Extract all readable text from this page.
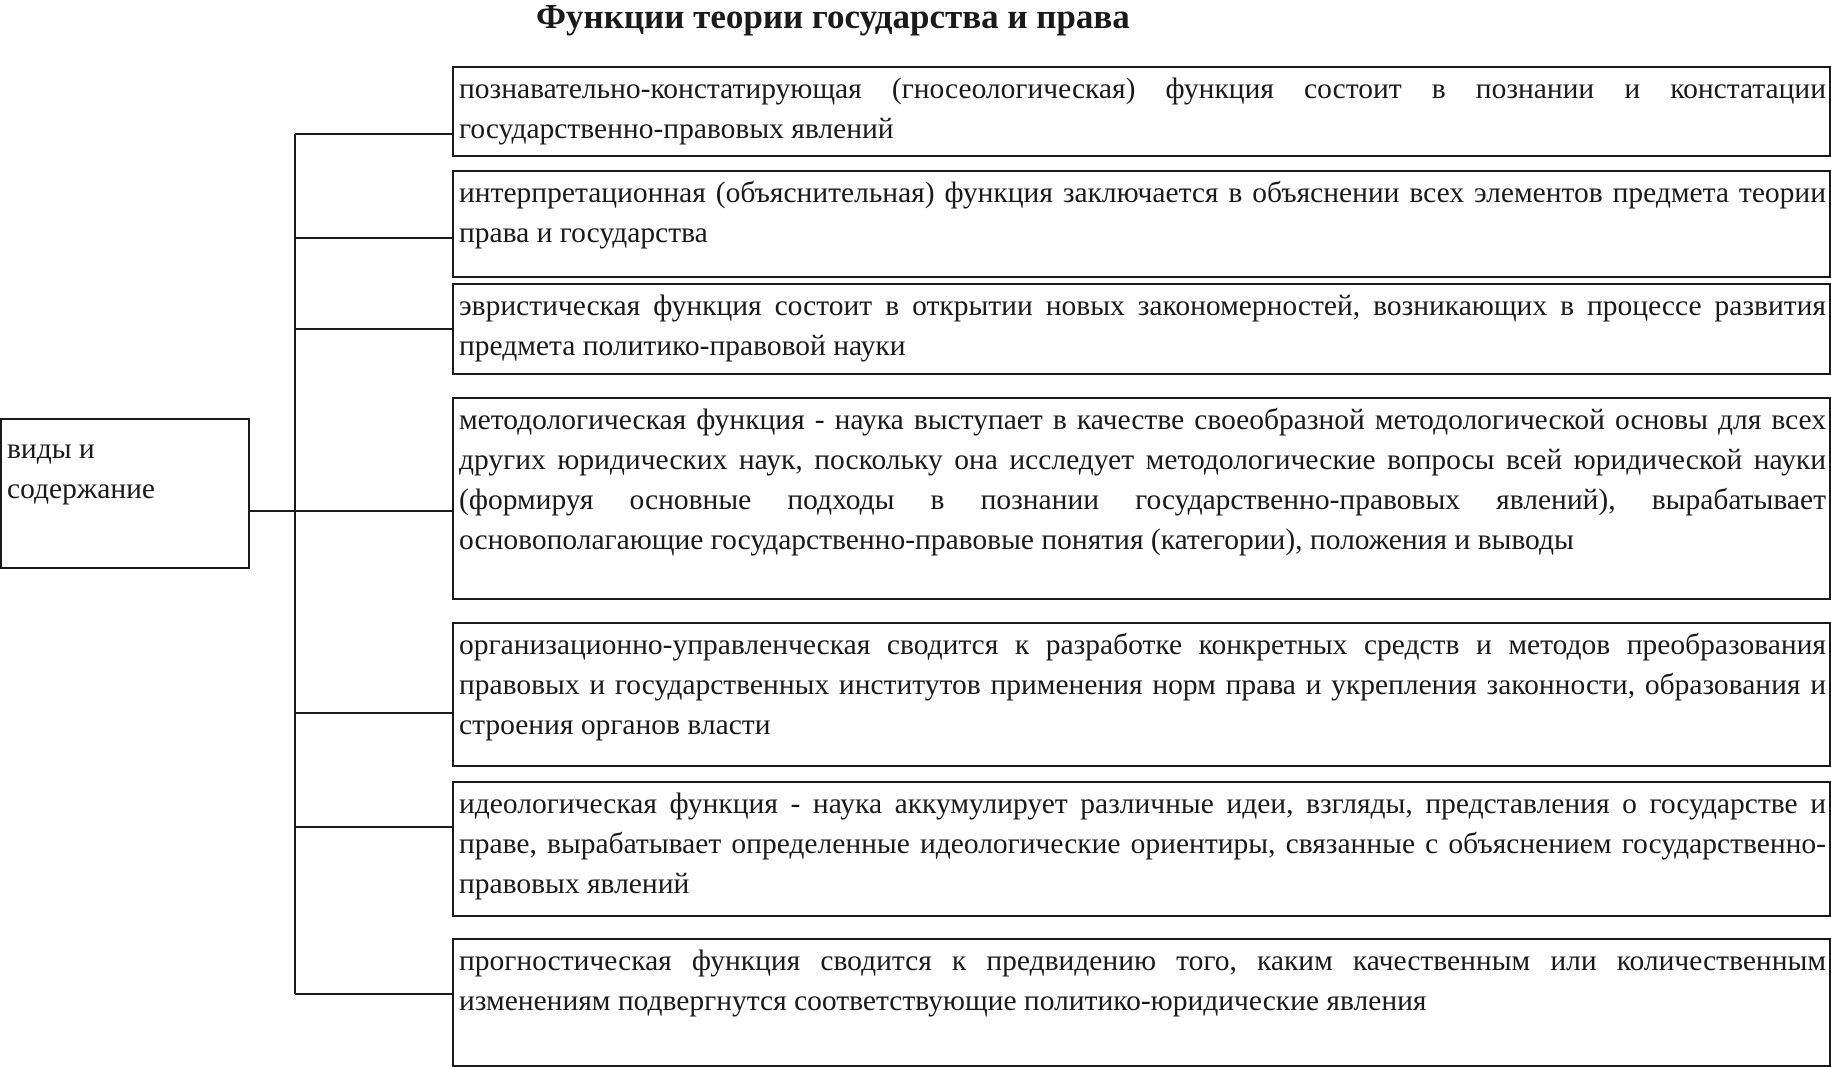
Функции теории государства и права
виды и содержание
познавательно-констатирующая (гносеологическая) функция состоит в познании и констатации государственно-правовых явлений
интерпретационная (объяснительная) функция заключается в объяснении всех элементов предмета теории права и государства
эвристическая функция состоит в открытии новых закономерностей, возникающих в процессе развития предмета политико-правовой науки
методологическая функция - наука выступает в качестве своеобразной методологической основы для всех других юридических наук, поскольку она исследует методологические вопросы всей юридической науки (формируя основные подходы в познании государственно-правовых явлений), вырабатывает основополагающие государственно-правовые понятия (категории), положения и выводы
организационно-управленческая сводится к разработке конкретных средств и методов преобразования правовых и государственных институтов применения норм права и укрепления законности, образования и строения органов власти
идеологическая функция - наука аккумулирует различные идеи, взгляды, представления о государстве и праве, вырабатывает определенные идеологические ориентиры, связанные с объяснением государственно-правовых явлений
прогностическая функция сводится к предвидению того, каким качественным или количественным изменениям подвергнутся соответствующие политико-юридические явления
